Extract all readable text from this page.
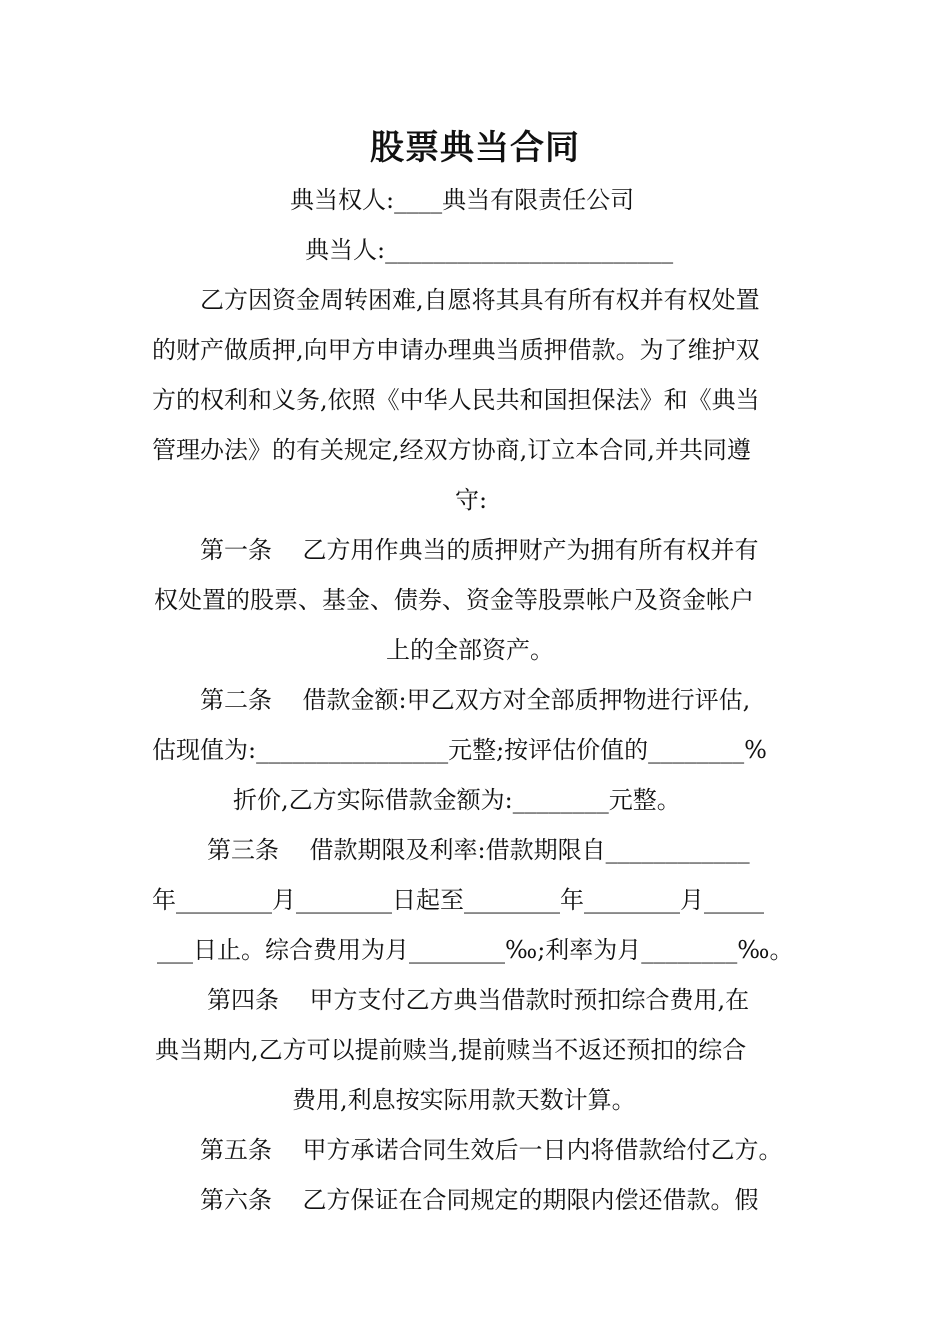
股票典当合同
典当权人:____典当有限责任公司
典当人:________________________
乙方因资金周转困难,自愿将其具有所有权并有权处置
的财产做质押,向甲方申请办理典当质押借款。为了维护双
方的权利和义务,依照《中华人民共和国担保法》和《典当
管理办法》的有关规定,经双方协商,订立本合同,并共同遵
守:
第一条    乙方用作典当的质押财产为拥有所有权并有
权处置的股票、基金、债券、资金等股票帐户及资金帐户
上的全部资产。
第二条    借款金额:甲乙双方对全部质押物进行评估,
估现值为:________________元整;按评估价值的________%
折价,乙方实际借款金额为:________元整。
第三条    借款期限及利率:借款期限自____________
年________月________日起至________年________月_____
___日止。综合费用为月________‰;利率为月________‰。
第四条    甲方支付乙方典当借款时预扣综合费用,在
典当期内,乙方可以提前赎当,提前赎当不返还预扣的综合
费用,利息按实际用款天数计算。
第五条    甲方承诺合同生效后一日内将借款给付乙方。
第六条    乙方保证在合同规定的期限内偿还借款。假
